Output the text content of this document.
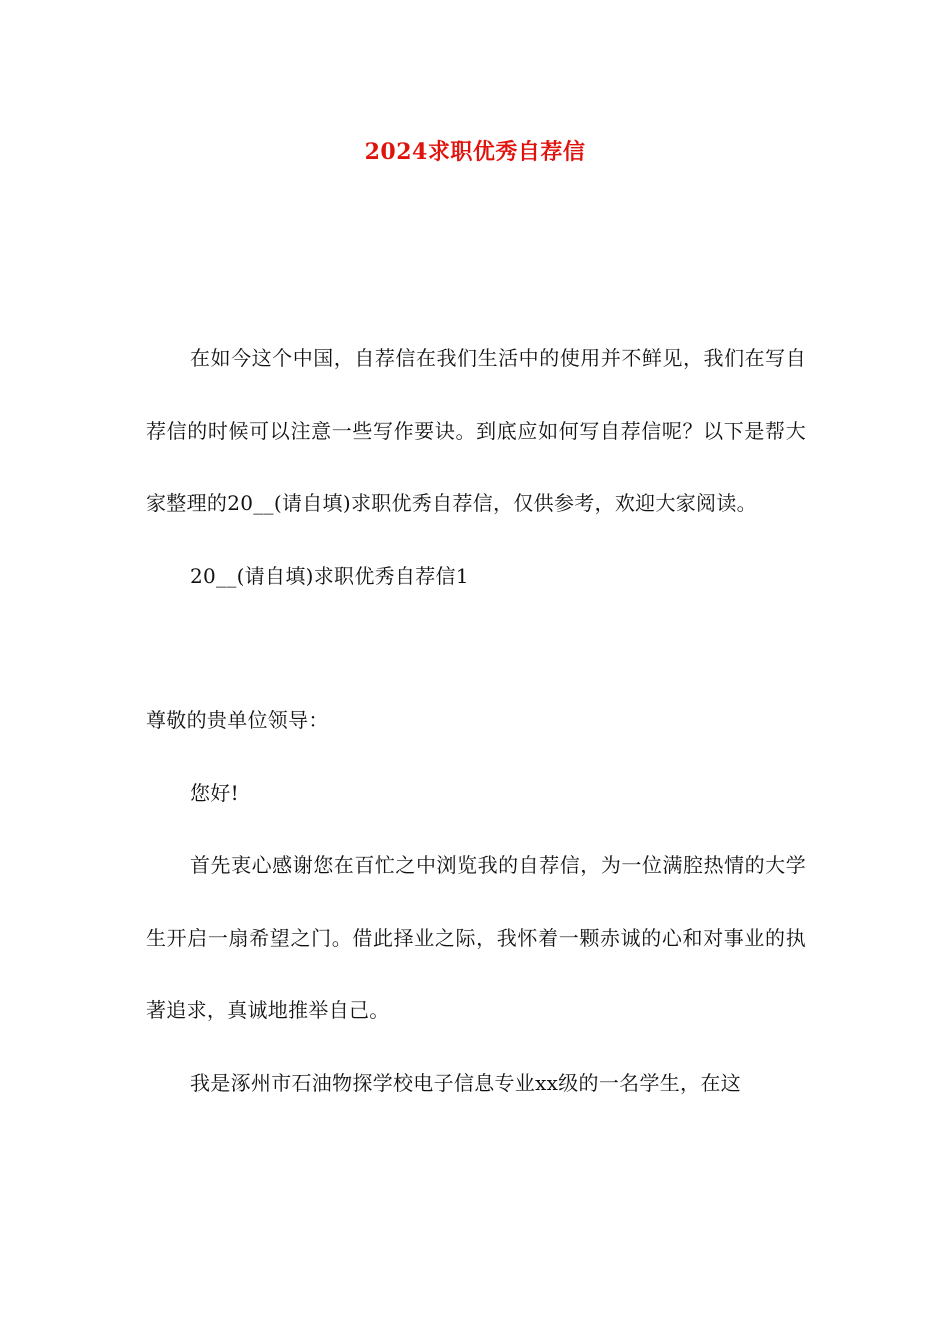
2024求职优秀自荐信

在如今这个中国，自荐信在我们生活中的使用并不鲜见，我们在写自荐信的时候可以注意一些写作要诀。到底应如何写自荐信呢？以下是帮大家整理的20__(请自填)求职优秀自荐信，仅供参考，欢迎大家阅读。

20__(请自填)求职优秀自荐信1

尊敬的贵单位领导：

您好!

首先衷心感谢您在百忙之中浏览我的自荐信，为一位满腔热情的大学生开启一扇希望之门。借此择业之际，我怀着一颗赤诚的心和对事业的执著追求，真诚地推举自己。

我是涿州市石油物探学校电子信息专业xx级的一名学生，在这
